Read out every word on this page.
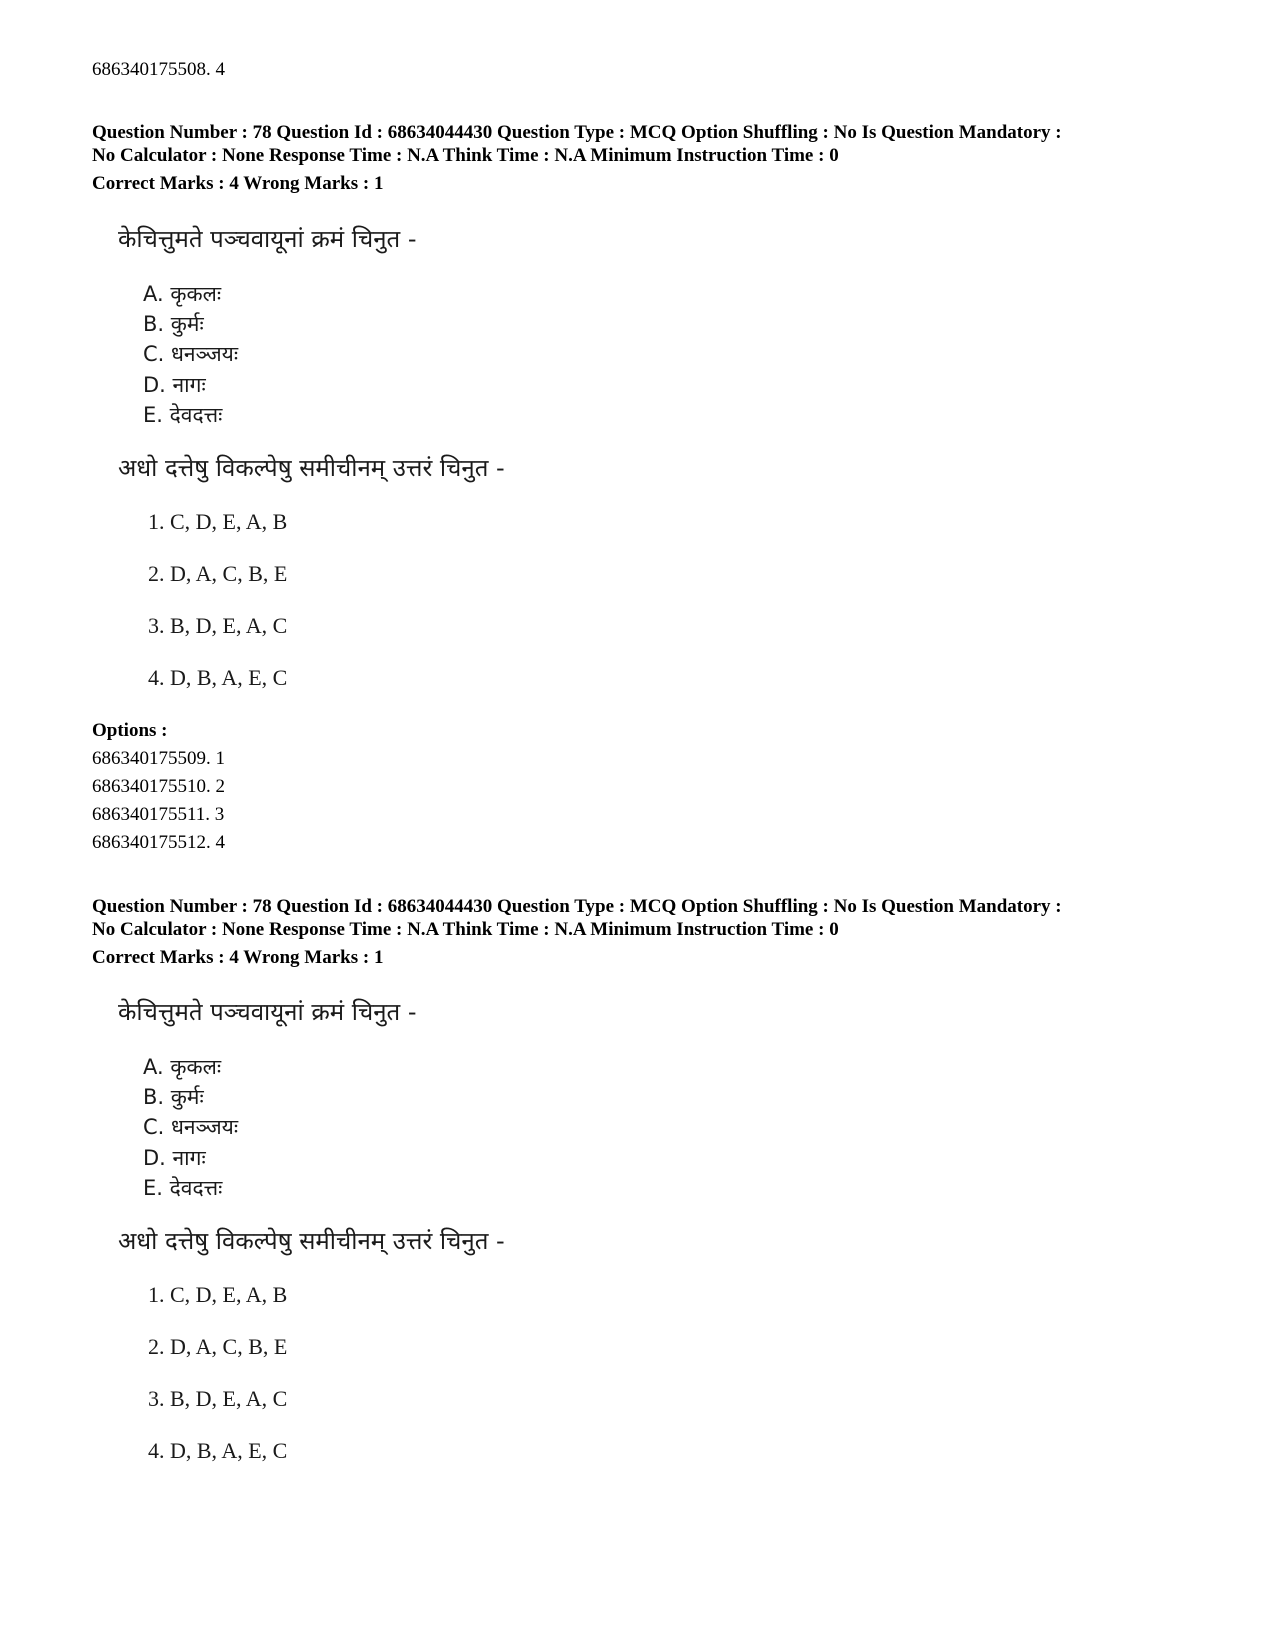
686340175508. 4

Question Number : 78 Question Id : 68634044430 Question Type : MCQ Option Shuffling : No Is Question Mandatory :

No Calculator : None Response Time : N.A Think Time : N.A Minimum Instruction Time : 0

Correct Marks : 4 Wrong Marks : 1

केचित्तुमते पञ्चवायूनां क्रमं चिनुत -

A. कृकलः

B. कुर्मः

C. धनञ्जयः

D. नागः

E. देवदत्तः

अधो दत्तेषु विकल्पेषु समीचीनम् उत्तरं चिनुत -

1. C, D, E, A, B

2. D, A, C, B, E

3. B, D, E, A, C

4. D, B, A, E, C

Options :

686340175509. 1

686340175510. 2

686340175511. 3

686340175512. 4

Question Number : 78 Question Id : 68634044430 Question Type : MCQ Option Shuffling : No Is Question Mandatory :

No Calculator : None Response Time : N.A Think Time : N.A Minimum Instruction Time : 0

Correct Marks : 4 Wrong Marks : 1

केचित्तुमते पञ्चवायूनां क्रमं चिनुत -

A. कृकलः

B. कुर्मः

C. धनञ्जयः

D. नागः

E. देवदत्तः

अधो दत्तेषु विकल्पेषु समीचीनम् उत्तरं चिनुत -

1. C, D, E, A, B

2. D, A, C, B, E

3. B, D, E, A, C

4. D, B, A, E, C
